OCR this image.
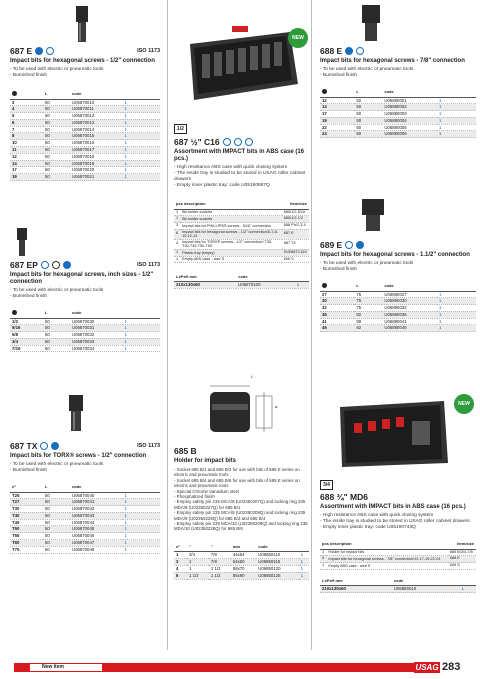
687 E	ISO 1173
Impact bits for hexagonal screws - 1/2" connection
- To be used with electric or pneumatic tools
- Burnished finish
	L	code	
3	50	U06870010	1
4	50	U06870011	1
5	50	U06870012	1
6	50	U06870013	1
7	50	U06870014	1
8	50	U06870015	1
10	50	U06870016	1
11	50	U06870017	1
12	50	U06870018	1
14	50	U06870019	1
17	50	U06870020	1
19	50	U06870021	1
687 EP	ISO 1173
Impact bits for hexagonal screws, inch sizes - 1/2" connection
- To be used with electric or pneumatic tools
- Burnished finish
	L	code	
1/2	50	U06870030	1
9/16	50	U06870031	1
5/8	50	U06870032	1
3/4	50	U06870033	1
7/16	50	U06870034	1
687 TX	ISO 1173
Impact bits for TORX® screws - 1/2" connection
- To be used with electric or pneumatic tools
- Burnished finish
n°	L	code	
T25	50	U06870040	1
T27	50	U06870041	1
T30	50	U06870042	1
T40	50	U06870043	1
T45	50	U06870044	1
T50	50	U06870045	1
T55	50	U06870046	1
T60	50	U06870047	1
T70	50	U06870048	1
NEW
1/2
687 ½" C16
Assortment with IMPACT bits in ABS case (16 pcs.)
- High resistance ABS case with quick closing system
- The inside tray is studied to be stored in USAG roller cabinet drawers
- Empty inner plastic tray: code U05190687Q
pcs description		item/size
1	Bit-holder sockets	685/1/2-5/16
1	Bit-holder sockets	685/1/2-1/2
3	Impact bits for PHILLIPS® screws - 5/16" connection	688 Ph/2-3-4
6	Impact bits for hexagonal screws - 1/2" connection/6-7-8-10-12-14	687 E
4	Impact bits for TORX® screws - 1/2" connection/ T30-T40-T45-T50-T55	687 TX
1	Plastic tray (empty)	519/687C16V
1	Empty ABS case - size S	606 S
LxPxH mm	code	
210x130x60	U06870100	1
L
ø
685 B
Holder for impact bits
- Socket 685 B/1 and 685 B/3 for use with bits of 688 E series on electric and pneumatic tools
- Socket 685 B/4 and 685 B/6 for use with bits of 689 E series on electric and pneumatic tools
- Special Chrome Vanadium steel
- Phosphatized finish
- Employ safety pin 235 MCA/8 (U02350207Q) and locking ring 235 MDA/8 (U02350227Q) for 685 B/1
- Employ safety pin 235 MCA/9 (U02350208Q) and locking ring 235 MDA/9 (U02350228Q) for 685 B/3 and 685 B/4
- Employ safety pin 235 MCA/10 (U02350209Q) and locking ring 235 MDA/10 (U02350229Q) for 685 B/6
n°	"	"	mm	code	
1	3/4	7/8	44x54	U06850110	1
3	1	7/8	54x60	U06850115	1
4	1	1 1/2	58x70	U06850120	1
6	1 1/2	1 1/2	85x90	U06850125	1
688 E
Impact bits for hexagonal screws - 7/8" connection
- To be used with electric or pneumatic tools
- Burnished finish
	L	code	
12	50	U06880001	1
14	50	U06880002	1
17	50	U06880003	1
19	50	U06880004	1
22	50	U06880005	1
24	50	U06880006	1
689 E
Impact bits for hexagonal screws - 1.1/2" connection
- To be used with electric or pneumatic tools
- Burnished finish
	L	code	
27	75	U06890027	1
30	75	U06890030	1
32	75	U06890032	1
36	82	U06890036	1
41	88	U06890041	1
46	82	U06890046	1
NEW
3/4
688 ¾" MD6
Assortment with IMPACT bits in ABS case (16 pcs.)
- High resistance ABS case with quick closing system
- The inside tray is studied to be stored in USAG roller cabinet drawers
- Empty inner plastic tray: code U05190743Q
pcs description		item/size
1	Holder for impact bits	685 B/3/4-7/8
5	Impact bits for hexagonal screws - 7/8" connection/12-17-19-22-24	688 E
1	Empty ABS case - size S	606 S
LxPxH mm	code	
210x130x60	U06880010	1
New item	USAG 283
